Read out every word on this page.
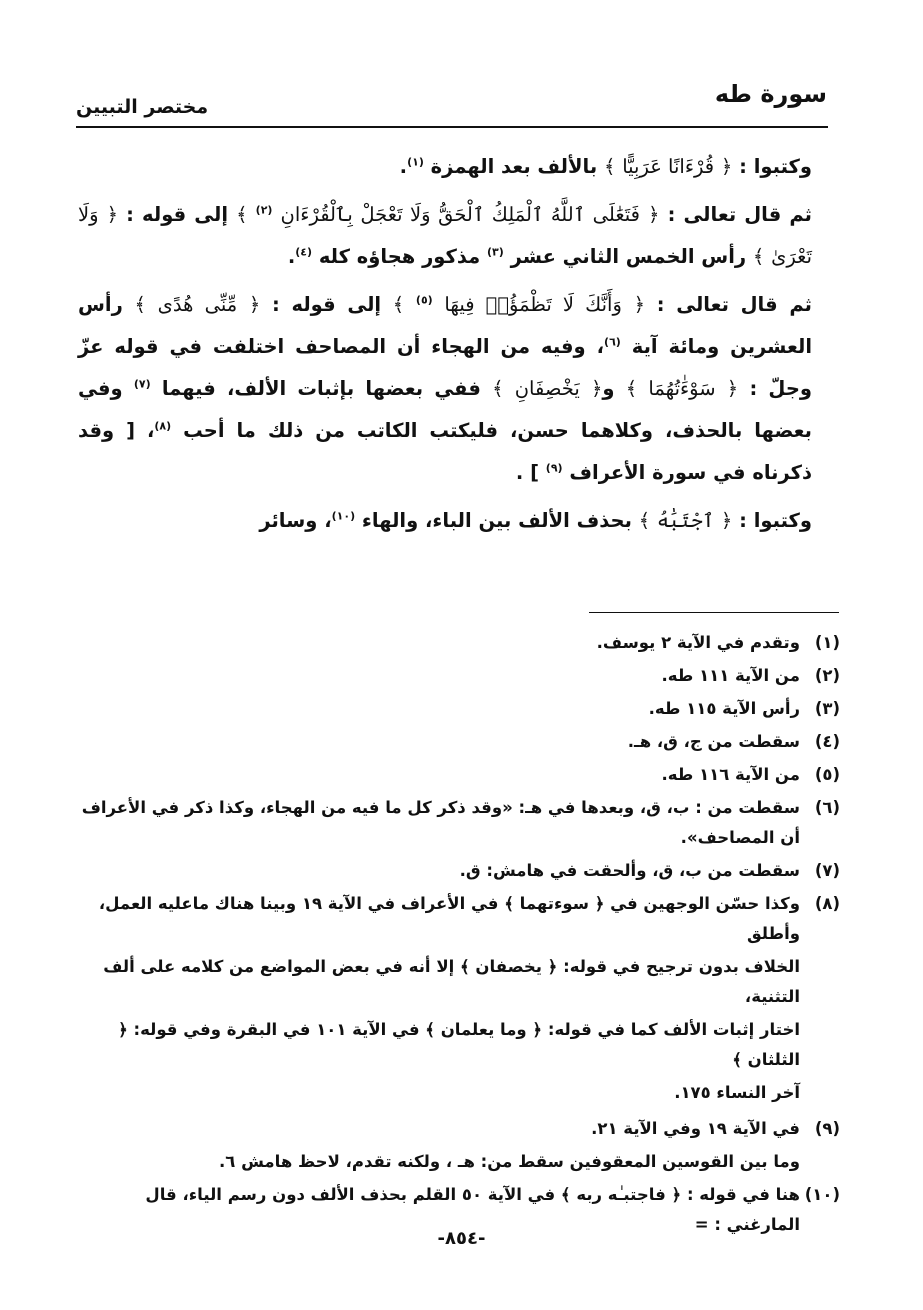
سورة طه
مختصر التبيين

وكتبوا : ﴿ قُرْءَانًا عَرَبِيًّا ﴾ بالألف بعد الهمزة $^{(١)}$.

ثم قال تعالى : ﴿ فَتَعَٰلَى ٱللَّهُ ٱلْمَلِكُ ٱلْحَقُّ وَلَا تَعْجَلْ بِٱلْقُرْءَانِ $^{(٢)}$ ﴾ إلى قوله : ﴿ وَلَا تَعْرَىٰ ﴾ رأس الخمس الثاني عشر $^{(٣)}$ مذكور هجاؤه كله $^{(٤)}$.

ثم قال تعالى : ﴿ وَأَنَّكَ لَا تَظْمَؤُا۟ فِيهَا $^{(٥)}$ ﴾ إلى قوله : ﴿ مِّنِّى هُدًى ﴾ رأس العشرين ومائة آية $^{(٦)}$، وفيه من الهجاء أن المصاحف اختلفت في قوله عزّ وجلّ : ﴿ سَوْءَٰتُهُمَا ﴾ و﴿ يَخْصِفَانِ ﴾ ففي بعضها بإثبات الألف، فيهما $^{(٧)}$ وفي بعضها بالحذف، وكلاهما حسن، فليكتب الكاتب من ذلك ما أحب $^{(٨)}$، [ وقد ذكرناه في سورة الأعراف $^{(٩)}$ ] .

وكتبوا : ﴿ ٱجْتَبَٰهُ ﴾ بحذف الألف بين الباء، والهاء $^{(١٠)}$، وسائر

(١)
وتقدم في الآية ٢ يوسف.
(٢)
من الآية ١١١ طه.
(٣)
رأس الآية ١١٥ طه.
(٤)
سقطت من ج، ق، هـ.
(٥)
من الآية ١١٦ طه.
(٦)
سقطت من : ب، ق، وبعدها في هـ: «وقد ذكر كل ما فيه من الهجاء، وكذا ذكر في الأعراف أن المصاحف».
(٧)
سقطت من ب، ق، وألحقت في هامش: ق.
(٨)
وكذا حسّن الوجهين في ﴿ سوءتهما ﴾ في الأعراف في الآية ١٩ وبينا هناك ماعليه العمل، وأطلق
الخلاف بدون ترجيح في قوله: ﴿ يخصفان ﴾ إلا أنه في بعض المواضع من كلامه على ألف التثنية،
اختار إثبات الألف كما في قوله: ﴿ وما يعلمان ﴾ في الآية ١٠١ في البقرة وفي قوله: ﴿ الثلثان ﴾
آخر النساء ١٧٥.
(٩)
في الآية ١٩ وفي الآية ٢١.
وما بين القوسين المعقوفين سقط من: هـ ، ولكنه تقدم، لاحظ هامش ٦.
(١٠)
هنا في قوله : ﴿ فاجتبـٰه ربه ﴾ في الآية ٥٠ القلم بحذف الألف دون رسم الياء، قال المارغني : =
-٨٥٤-
